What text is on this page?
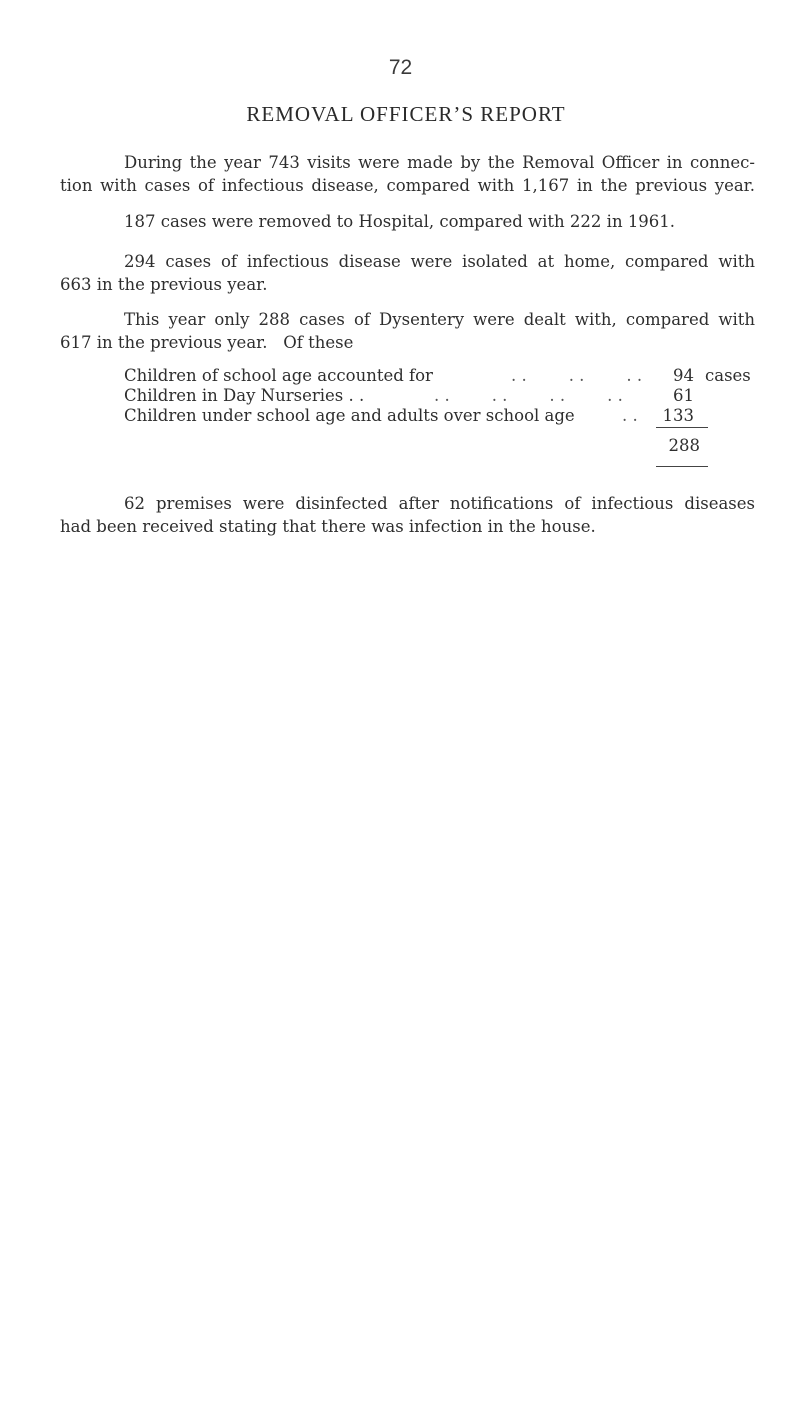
72
REMOVAL OFFICER’S REPORT
During the year 743 visits were made by the Removal Officer in connec-
tion with cases of infectious disease, compared with 1,167 in the previous year.
187 cases were removed to Hospital, compared with 222 in 1961.
294 cases of infectious disease were isolated at home, compared with
663 in the previous year.
This year only 288 cases of Dysentery were dealt with, compared with
617 in the previous year.   Of these
Children of school age accounted for	. .        . .        . .	94 cases
Children in Day Nurseries . .	. .        . .        . .        . .	61
Children under school age and adults over school age	. .	133
288
62 premises were disinfected after notifications of infectious diseases
had been received stating that there was infection in the house.
